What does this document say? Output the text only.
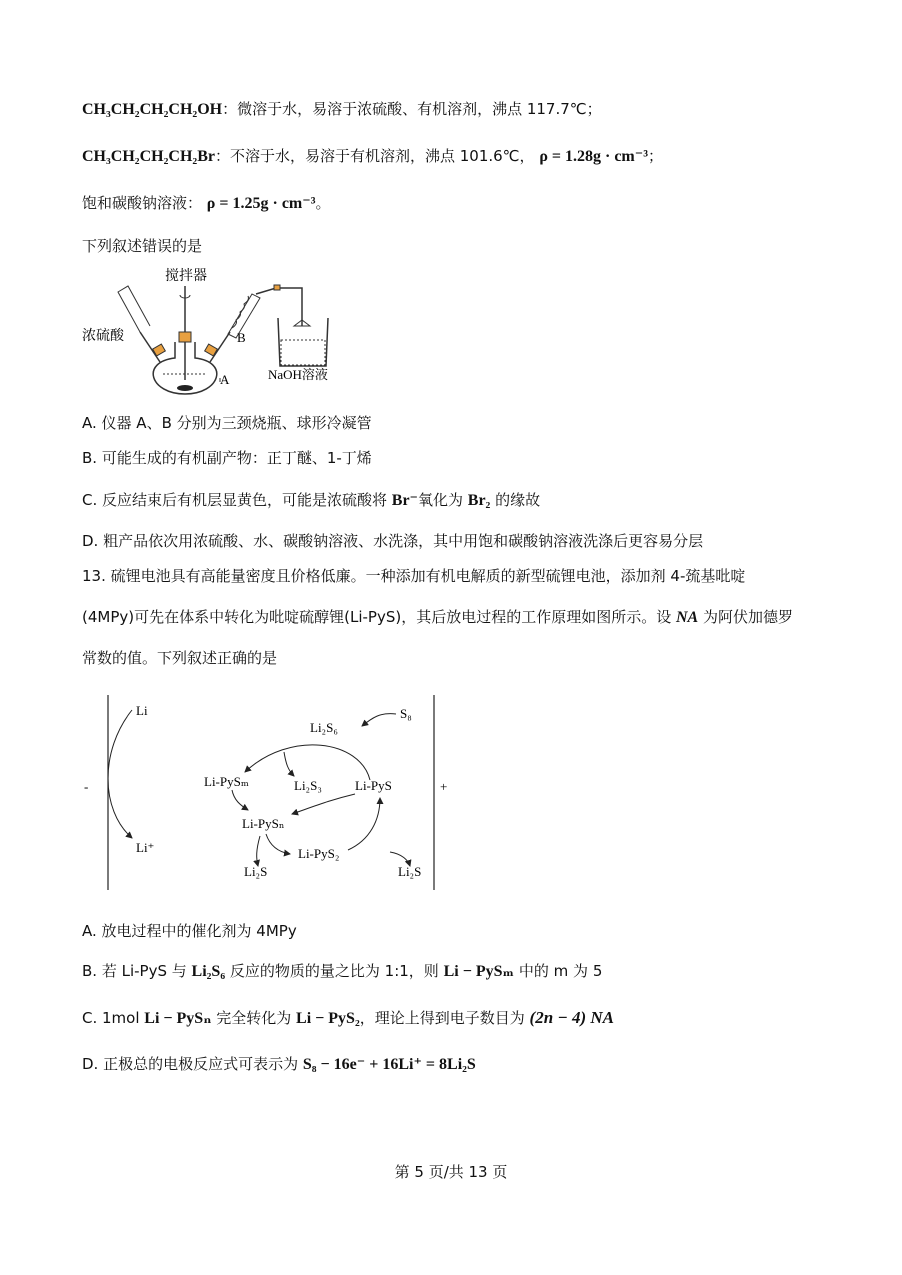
CH₃CH₂CH₂CH₂OH：微溶于水，易溶于浓硫酸、有机溶剂，沸点 117.7℃；
CH₃CH₂CH₂CH₂Br：不溶于水，易溶于有机溶剂，沸点 101.6℃， ρ = 1.28g · cm⁻³；
饱和碳酸钠溶液： ρ = 1.25g · cm⁻³。
下列叙述错误的是
搅拌器
A
浓硫酸	B
NaOH溶液
A. 仪器 A、B 分别为三颈烧瓶、球形冷凝管
B. 可能生成的有机副产物：正丁醚、1-丁烯
C. 反应结束后有机层显黄色，可能是浓硫酸将 Br⁻氧化为 Br₂ 的缘故
D. 粗产品依次用浓硫酸、水、碳酸钠溶液、水洗涤，其中用饱和碳酸钠溶液洗涤后更容易分层
13. 硫锂电池具有高能量密度且价格低廉。一种添加有机电解质的新型硫锂电池，添加剂 4-巯基吡啶
(4MPy)可先在体系中转化为吡啶硫醇锂(Li-PyS)，其后放电过程的工作原理如图所示。设 NA 为阿伏加德罗
常数的值。下列叙述正确的是
-	+
Li
Li⁺
Li₂S₆
S₈
Li-PySₘ	Li₂S₃	Li-PyS
Li-PySₙ
Li-PyS₂
Li₂S	Li₂S
A. 放电过程中的催化剂为 4MPy
B. 若 Li-PyS 与 Li₂S₆ 反应的物质的量之比为 1:1，则 Li − PySₘ 中的 m 为 5
C. 1mol Li − PySₙ 完全转化为 Li − PyS₂，理论上得到电子数目为 (2n − 4) NA
D. 正极总的电极反应式可表示为 S₈ − 16e⁻ + 16Li⁺ = 8Li₂S
第 5 页/共 13 页
